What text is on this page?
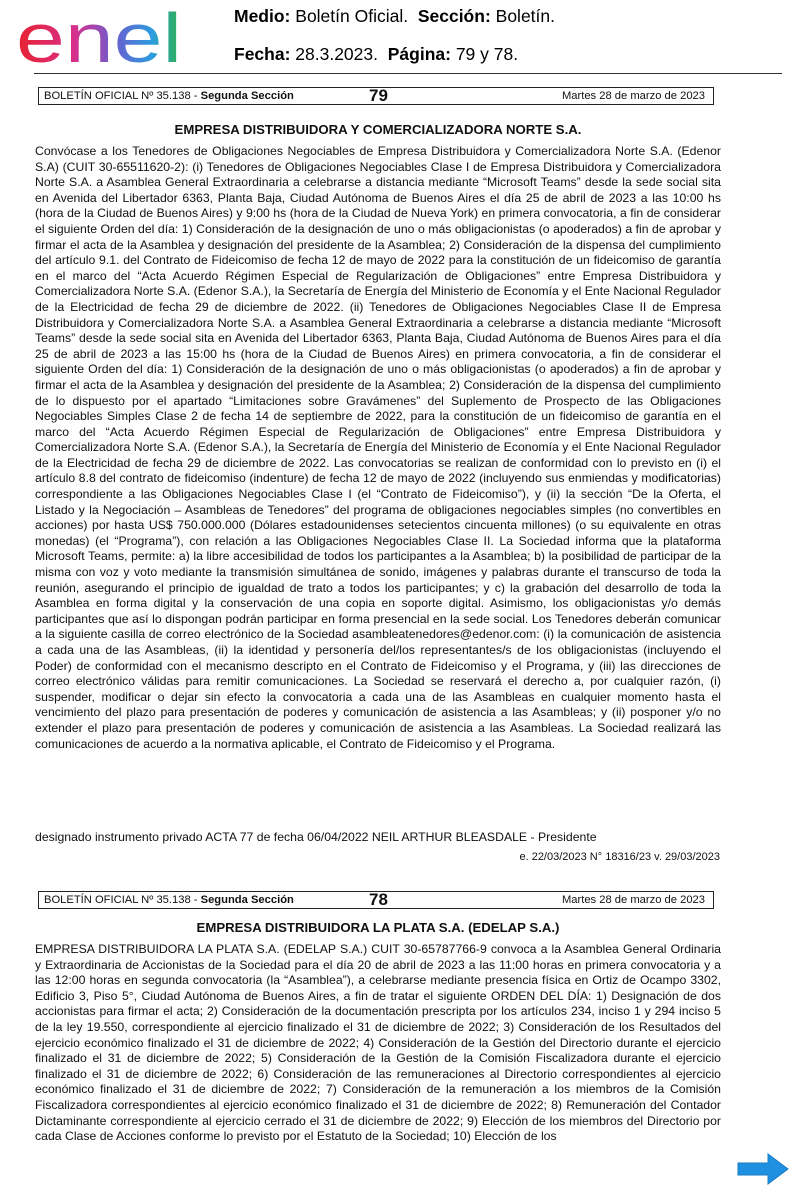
enel	Medio: Boletín Oficial. Sección: Boletín.
Fecha: 28.3.2023. Página: 79 y 78.
BOLETÍN OFICIAL Nº 35.138 - Segunda Sección	79	Martes 28 de marzo de 2023
EMPRESA DISTRIBUIDORA Y COMERCIALIZADORA NORTE S.A.

Convócase a los Tenedores de Obligaciones Negociables de Empresa Distribuidora y Comercializadora Norte S.A. (Edenor S.A) (CUIT 30-65511620-2): (i) Tenedores de Obligaciones Negociables Clase I de Empresa Distribuidora y Comercializadora Norte S.A. a Asamblea General Extraordinaria a celebrarse a distancia mediante “Microsoft Teams” desde la sede social sita en Avenida del Libertador 6363, Planta Baja, Ciudad Autónoma de Buenos Aires el día 25 de abril de 2023 a las 10:00 hs (hora de la Ciudad de Buenos Aires) y 9:00 hs (hora de la Ciudad de Nueva York) en primera convocatoria, a fin de considerar el siguiente Orden del día: 1) Consideración de la designación de uno o más obligacionistas (o apoderados) a fin de aprobar y firmar el acta de la Asamblea y designación del presidente de la Asamblea; 2) Consideración de la dispensa del cumplimiento del artículo 9.1. del Contrato de Fideicomiso de fecha 12 de mayo de 2022 para la constitución de un fideicomiso de garantía en el marco del “Acta Acuerdo Régimen Especial de Regularización de Obligaciones” entre Empresa Distribuidora y Comercializadora Norte S.A. (Edenor S.A.), la Secretaría de Energía del Ministerio de Economía y el Ente Nacional Regulador de la Electricidad de fecha 29 de diciembre de 2022. (ii) Tenedores de Obligaciones Negociables Clase II de Empresa Distribuidora y Comercializadora Norte S.A. a Asamblea General Extraordinaria a celebrarse a distancia mediante “Microsoft Teams” desde la sede social sita en Avenida del Libertador 6363, Planta Baja, Ciudad Autónoma de Buenos Aires para el día 25 de abril de 2023 a las 15:00 hs (hora de la Ciudad de Buenos Aires) en primera convocatoria, a fin de considerar el siguiente Orden del día: 1) Consideración de la designación de uno o más obligacionistas (o apoderados) a fin de aprobar y firmar el acta de la Asamblea y designación del presidente de la Asamblea; 2) Consideración de la dispensa del cumplimiento de lo dispuesto por el apartado “Limitaciones sobre Gravámenes” del Suplemento de Prospecto de las Obligaciones Negociables Simples Clase 2 de fecha 14 de septiembre de 2022, para la constitución de un fideicomiso de garantía en el marco del “Acta Acuerdo Régimen Especial de Regularización de Obligaciones” entre Empresa Distribuidora y Comercializadora Norte S.A. (Edenor S.A.), la Secretaría de Energía del Ministerio de Economía y el Ente Nacional Regulador de la Electricidad de fecha 29 de diciembre de 2022. Las convocatorias se realizan de conformidad con lo previsto en (i) el artículo 8.8 del contrato de fideicomiso (indenture) de fecha 12 de mayo de 2022 (incluyendo sus enmiendas y modificatorias) correspondiente a las Obligaciones Negociables Clase I (el “Contrato de Fideicomiso”), y (ii) la sección “De la Oferta, el Listado y la Negociación – Asambleas de Tenedores” del programa de obligaciones negociables simples (no convertibles en acciones) por hasta US$ 750.000.000 (Dólares estadounidenses setecientos cincuenta millones) (o su equivalente en otras monedas) (el “Programa”), con relación a las Obligaciones Negociables Clase II. La Sociedad informa que la plataforma Microsoft Teams, permite: a) la libre accesibilidad de todos los participantes a la Asamblea; b) la posibilidad de participar de la misma con voz y voto mediante la transmisión simultánea de sonido, imágenes y palabras durante el transcurso de toda la reunión, asegurando el principio de igualdad de trato a todos los participantes; y c) la grabación del desarrollo de toda la Asamblea en forma digital y la conservación de una copia en soporte digital. Asimismo, los obligacionistas y/o demás participantes que así lo dispongan podrán participar en forma presencial en la sede social. Los Tenedores deberán comunicar a la siguiente casilla de correo electrónico de la Sociedad asambleatenedores@edenor.com: (i) la comunicación de asistencia a cada una de las Asambleas, (ii) la identidad y personería del/los representantes/s de los obligacionistas (incluyendo el Poder) de conformidad con el mecanismo descripto en el Contrato de Fideicomiso y el Programa, y (iii) las direcciones de correo electrónico válidas para remitir comunicaciones. La Sociedad se reservará el derecho a, por cualquier razón, (i) suspender, modificar o dejar sin efecto la convocatoria a cada una de las Asambleas en cualquier momento hasta el vencimiento del plazo para presentación de poderes y comunicación de asistencia a las Asambleas; y (ii) posponer y/o no extender el plazo para presentación de poderes y comunicación de asistencia a las Asambleas. La Sociedad realizará las comunicaciones de acuerdo a la normativa aplicable, el Contrato de Fideicomiso y el Programa.

designado instrumento privado ACTA 77 de fecha 06/04/2022 NEIL ARTHUR BLEASDALE - Presidente
e. 22/03/2023 N° 18316/23 v. 29/03/2023
BOLETÍN OFICIAL Nº 35.138 - Segunda Sección	78	Martes 28 de marzo de 2023
EMPRESA DISTRIBUIDORA LA PLATA S.A. (EDELAP S.A.)

EMPRESA DISTRIBUIDORA LA PLATA S.A. (EDELAP S.A.) CUIT 30-65787766-9 convoca a la Asamblea General Ordinaria y Extraordinaria de Accionistas de la Sociedad para el día 20 de abril de 2023 a las 11:00 horas en primera convocatoria y a las 12:00 horas en segunda convocatoria (la “Asamblea”), a celebrarse mediante presencia física en Ortiz de Ocampo 3302, Edificio 3, Piso 5°, Ciudad Autónoma de Buenos Aires, a fin de tratar el siguiente ORDEN DEL DÍA: 1) Designación de dos accionistas para firmar el acta; 2) Consideración de la documentación prescripta por los artículos 234, inciso 1 y 294 inciso 5 de la ley 19.550, correspondiente al ejercicio finalizado el 31 de diciembre de 2022; 3) Consideración de los Resultados del ejercicio económico finalizado el 31 de diciembre de 2022; 4) Consideración de la Gestión del Directorio durante el ejercicio finalizado el 31 de diciembre de 2022; 5) Consideración de la Gestión de la Comisión Fiscalizadora durante el ejercicio finalizado el 31 de diciembre de 2022; 6) Consideración de las remuneraciones al Directorio correspondientes al ejercicio económico finalizado el 31 de diciembre de 2022; 7) Consideración de la remuneración a los miembros de la Comisión Fiscalizadora correspondientes al ejercicio económico finalizado el 31 de diciembre de 2022; 8) Remuneración del Contador Dictaminante correspondiente al ejercicio cerrado el 31 de diciembre de 2022; 9) Elección de los miembros del Directorio por cada Clase de Acciones conforme lo previsto por el Estatuto de la Sociedad; 10) Elección de los
